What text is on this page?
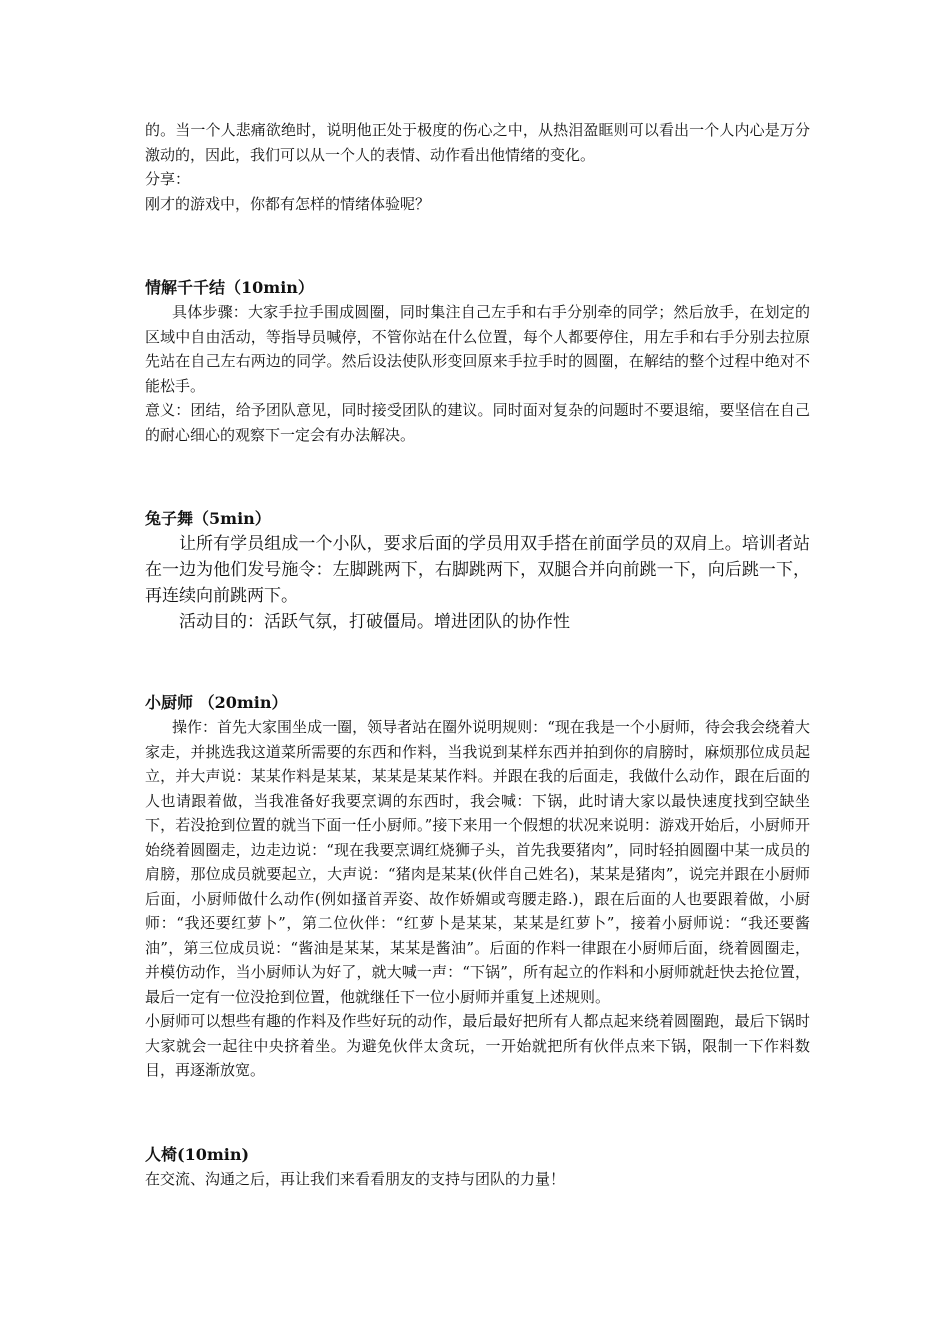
的。当一个人悲痛欲绝时，说明他正处于极度的伤心之中，从热泪盈眶则可以看出一个人内心是万分激动的，因此，我们可以从一个人的表情、动作看出他情绪的变化。

分享：

刚才的游戏中，你都有怎样的情绪体验呢？

情解千千结（10min）

具体步骤：大家手拉手围成圆圈，同时集注自己左手和右手分别牵的同学；然后放手，在划定的区域中自由活动，等指导员喊停，不管你站在什么位置，每个人都要停住，用左手和右手分别去拉原先站在自己左右两边的同学。然后设法使队形变回原来手拉手时的圆圈，在解结的整个过程中绝对不能松手。

意义：团结，给予团队意见，同时接受团队的建议。同时面对复杂的问题时不要退缩，要坚信在自己的耐心细心的观察下一定会有办法解决。

兔子舞（5min）

让所有学员组成一个小队，要求后面的学员用双手搭在前面学员的双肩上。培训者站在一边为他们发号施令：左脚跳两下，右脚跳两下，双腿合并向前跳一下，向后跳一下，再连续向前跳两下。

活动目的：活跃气氛，打破僵局。增进团队的协作性

小厨师 （20min）

操作：首先大家围坐成一圈，领导者站在圈外说明规则：“现在我是一个小厨师，待会我会绕着大家走，并挑选我这道菜所需要的东西和作料，当我说到某样东西并拍到你的肩膀时，麻烦那位成员起立，并大声说：某某作料是某某，某某是某某作料。并跟在我的后面走，我做什么动作，跟在后面的人也请跟着做，当我准备好我要烹调的东西时，我会喊：下锅，此时请大家以最快速度找到空缺坐下，若没抢到位置的就当下面一任小厨师。”接下来用一个假想的状况来说明：游戏开始后，小厨师开始绕着圆圈走，边走边说：“现在我要烹调红烧狮子头，首先我要猪肉”，同时轻拍圆圈中某一成员的肩膀，那位成员就要起立，大声说：“猪肉是某某(伙伴自己姓名)，某某是猪肉”，说完并跟在小厨师后面，小厨师做什么动作(例如搔首弄姿、故作娇媚或弯腰走路.)，跟在后面的人也要跟着做，小厨师：“我还要红萝卜”，第二位伙伴：“红萝卜是某某，某某是红萝卜”，接着小厨师说：“我还要酱油”，第三位成员说：“酱油是某某，某某是酱油”。后面的作料一律跟在小厨师后面，绕着圆圈走，并模仿动作，当小厨师认为好了，就大喊一声：“下锅”，所有起立的作料和小厨师就赶快去抢位置，最后一定有一位没抢到位置，他就继任下一位小厨师并重复上述规则。

小厨师可以想些有趣的作料及作些好玩的动作，最后最好把所有人都点起来绕着圆圈跑，最后下锅时大家就会一起往中央挤着坐。为避免伙伴太贪玩，一开始就把所有伙伴点来下锅，限制一下作料数目，再逐渐放宽。

人椅(10min)

在交流、沟通之后，再让我们来看看朋友的支持与团队的力量！
